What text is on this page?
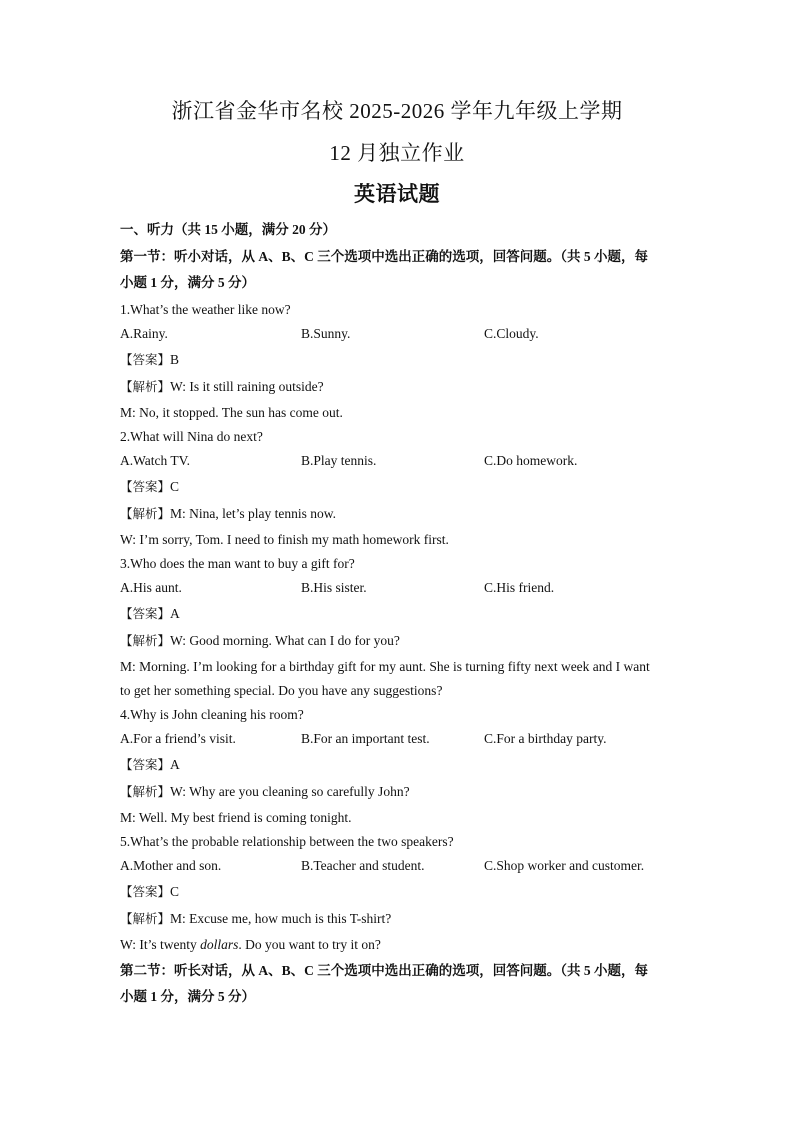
浙江省金华市名校 2025-2026 学年九年级上学期
12 月独立作业
英语试题
一、听力（共 15 小题，满分 20 分）
第一节：听小对话，从 A、B、C 三个选项中选出正确的选项，回答问题。（共 5 小题，每
小题 1 分，满分 5 分）
1.What’s the weather like now?
A.Rainy.	B.Sunny.	C.Cloudy.
【答案】B
【解析】W: Is it still raining outside?
M: No, it stopped. The sun has come out.
2.What will Nina do next?
A.Watch TV.	B.Play tennis.	C.Do homework.
【答案】C
【解析】M: Nina, let’s play tennis now.
W: I’m sorry, Tom. I need to finish my math homework first.
3.Who does the man want to buy a gift for?
A.His aunt.	B.His sister.	C.His friend.
【答案】A
【解析】W: Good morning. What can I do for you?
M: Morning. I’m looking for a birthday gift for my aunt. She is turning fifty next week and I want
to get her something special. Do you have any suggestions?
4.Why is John cleaning his room?
A.For a friend’s visit.	B.For an important test.	C.For a birthday party.
【答案】A
【解析】W: Why are you cleaning so carefully John?
M: Well. My best friend is coming tonight.
5.What’s the probable relationship between the two speakers?
A.Mother and son.	B.Teacher and student.	C.Shop worker and customer.
【答案】C
【解析】M: Excuse me, how much is this T-shirt?
W: It’s twenty dollars. Do you want to try it on?
第二节：听长对话，从 A、B、C 三个选项中选出正确的选项，回答问题。（共 5 小题，每
小题 1 分，满分 5 分）
